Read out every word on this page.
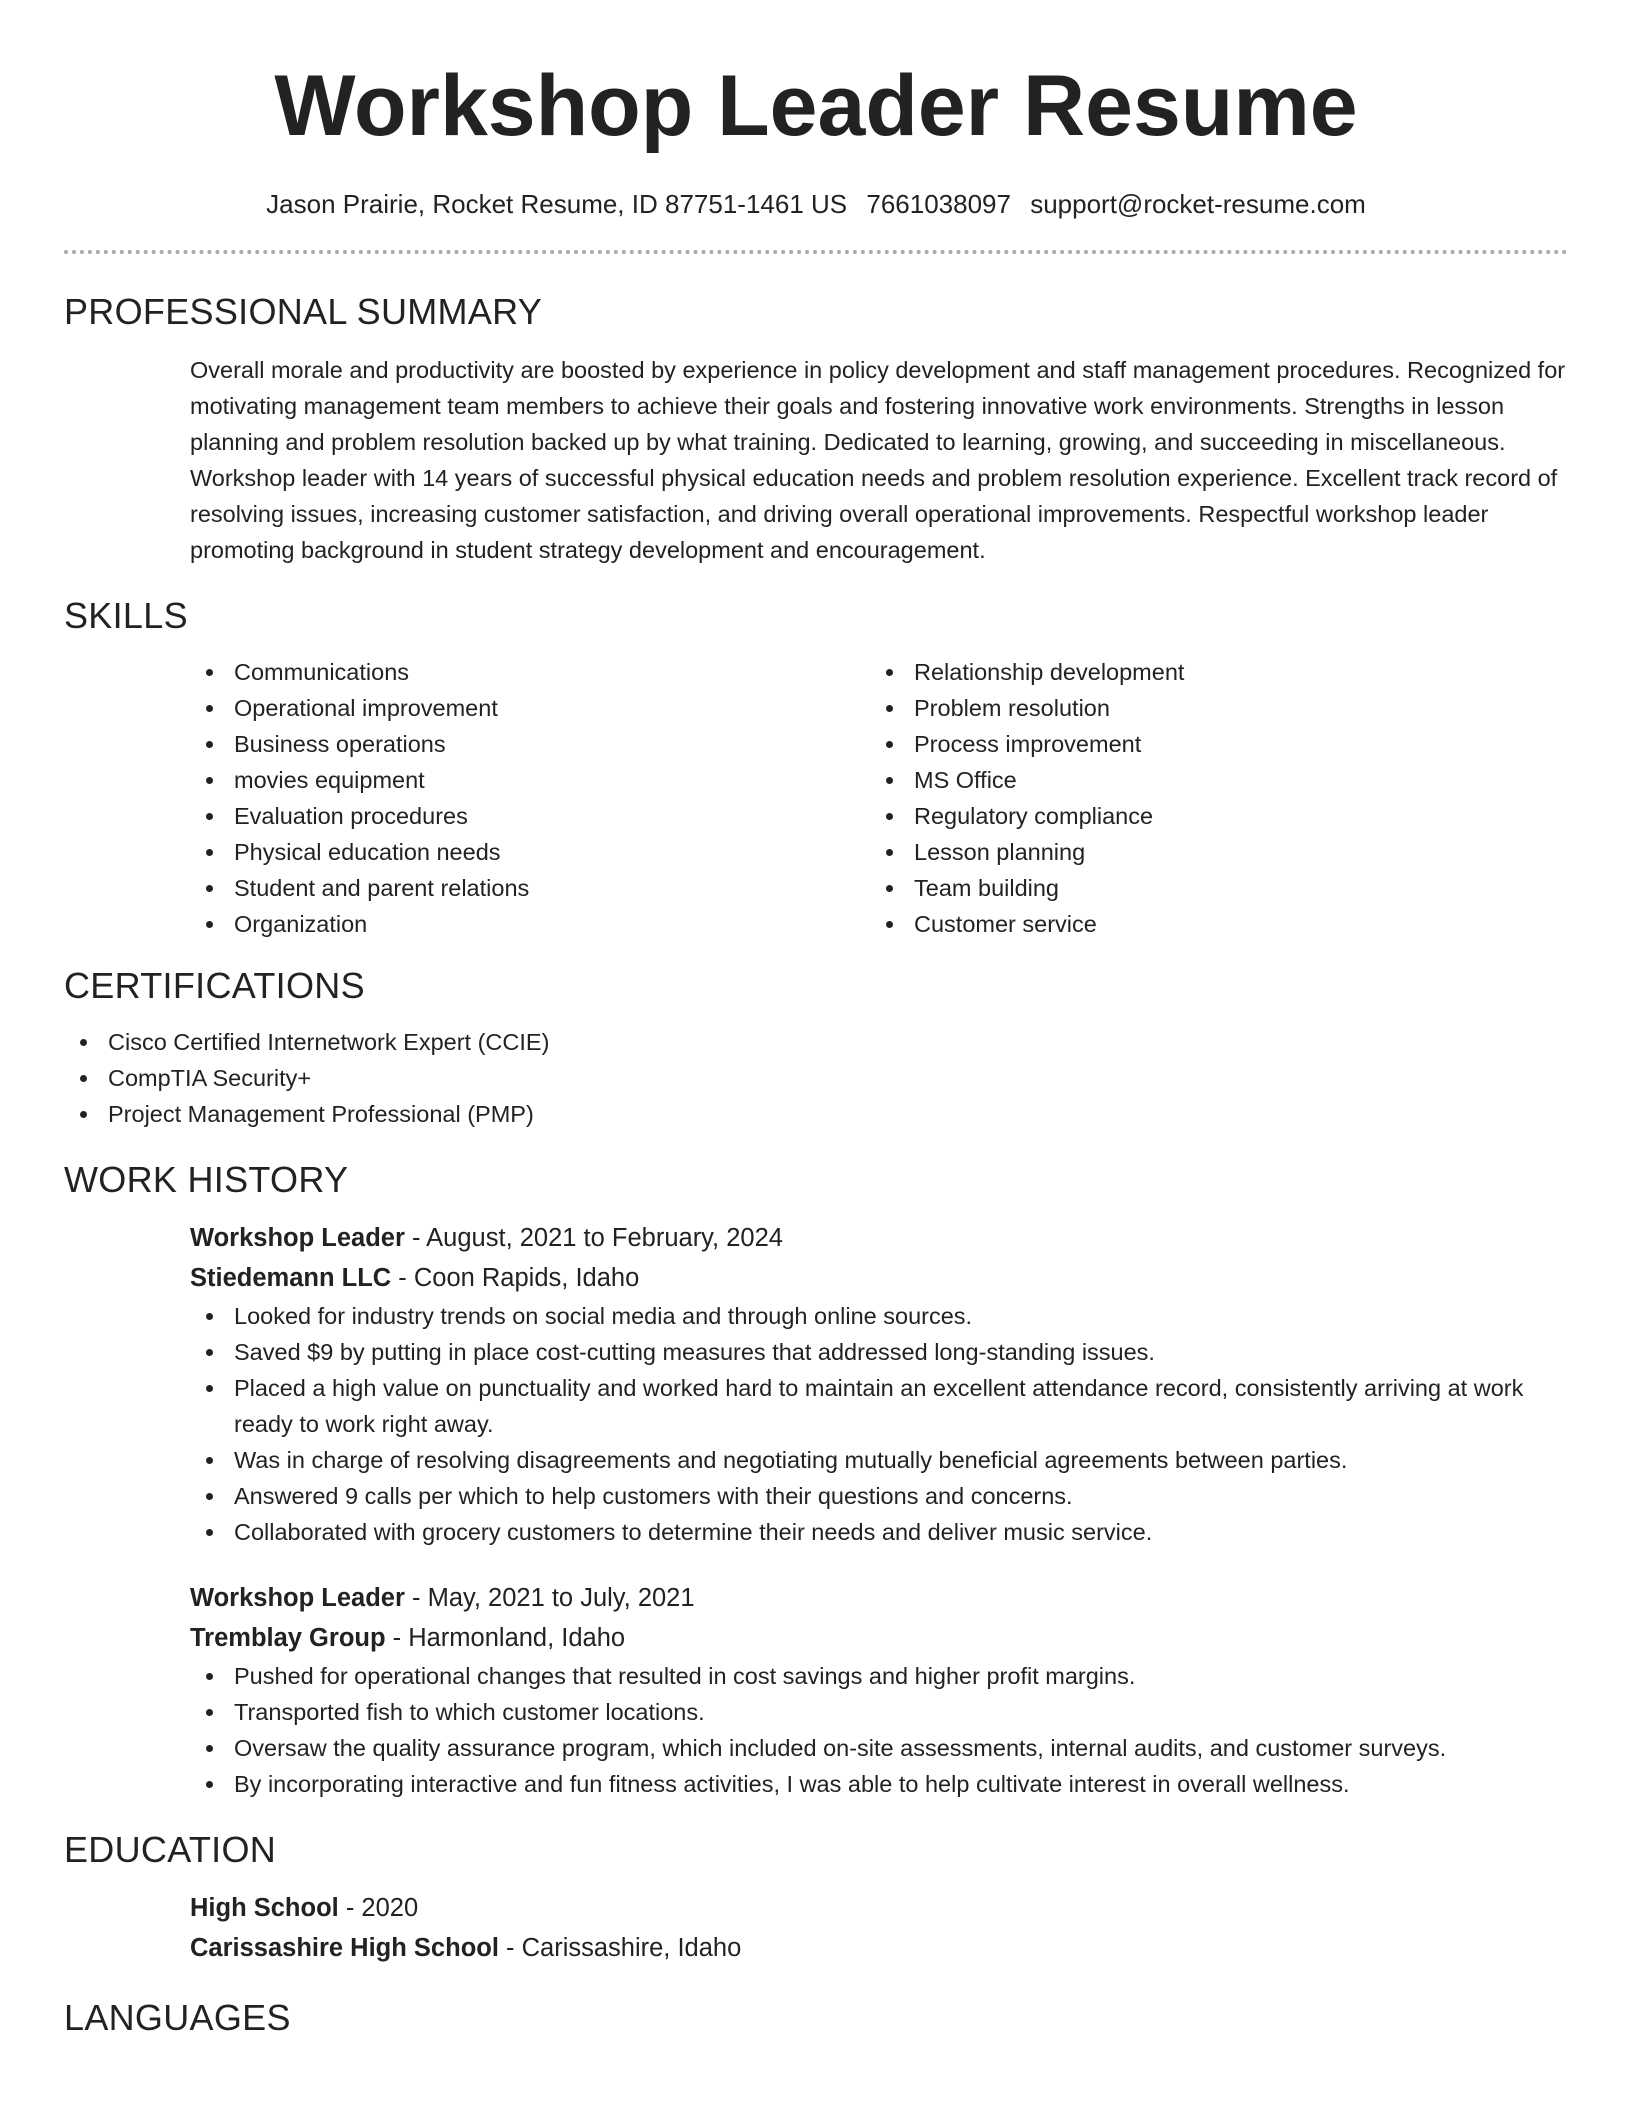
Workshop Leader Resume
Jason Prairie, Rocket Resume, ID 87751-1461 US 7661038097 support@rocket-resume.com
PROFESSIONAL SUMMARY
Overall morale and productivity are boosted by experience in policy development and staff management procedures. Recognized for motivating management team members to achieve their goals and fostering innovative work environments. Strengths in lesson planning and problem resolution backed up by what training. Dedicated to learning, growing, and succeeding in miscellaneous. Workshop leader with 14 years of successful physical education needs and problem resolution experience. Excellent track record of resolving issues, increasing customer satisfaction, and driving overall operational improvements. Respectful workshop leader promoting background in student strategy development and encouragement.
SKILLS
Communications
Operational improvement
Business operations
movies equipment
Evaluation procedures
Physical education needs
Student and parent relations
Organization
Relationship development
Problem resolution
Process improvement
MS Office
Regulatory compliance
Lesson planning
Team building
Customer service
CERTIFICATIONS
Cisco Certified Internetwork Expert (CCIE)
CompTIA Security+
Project Management Professional (PMP)
WORK HISTORY
Workshop Leader - August, 2021 to February, 2024
Stiedemann LLC - Coon Rapids, Idaho
Looked for industry trends on social media and through online sources.
Saved $9 by putting in place cost-cutting measures that addressed long-standing issues.
Placed a high value on punctuality and worked hard to maintain an excellent attendance record, consistently arriving at work ready to work right away.
Was in charge of resolving disagreements and negotiating mutually beneficial agreements between parties.
Answered 9 calls per which to help customers with their questions and concerns.
Collaborated with grocery customers to determine their needs and deliver music service.
Workshop Leader - May, 2021 to July, 2021
Tremblay Group - Harmonland, Idaho
Pushed for operational changes that resulted in cost savings and higher profit margins.
Transported fish to which customer locations.
Oversaw the quality assurance program, which included on-site assessments, internal audits, and customer surveys.
By incorporating interactive and fun fitness activities, I was able to help cultivate interest in overall wellness.
EDUCATION
High School - 2020
Carissashire High School - Carissashire, Idaho
LANGUAGES
